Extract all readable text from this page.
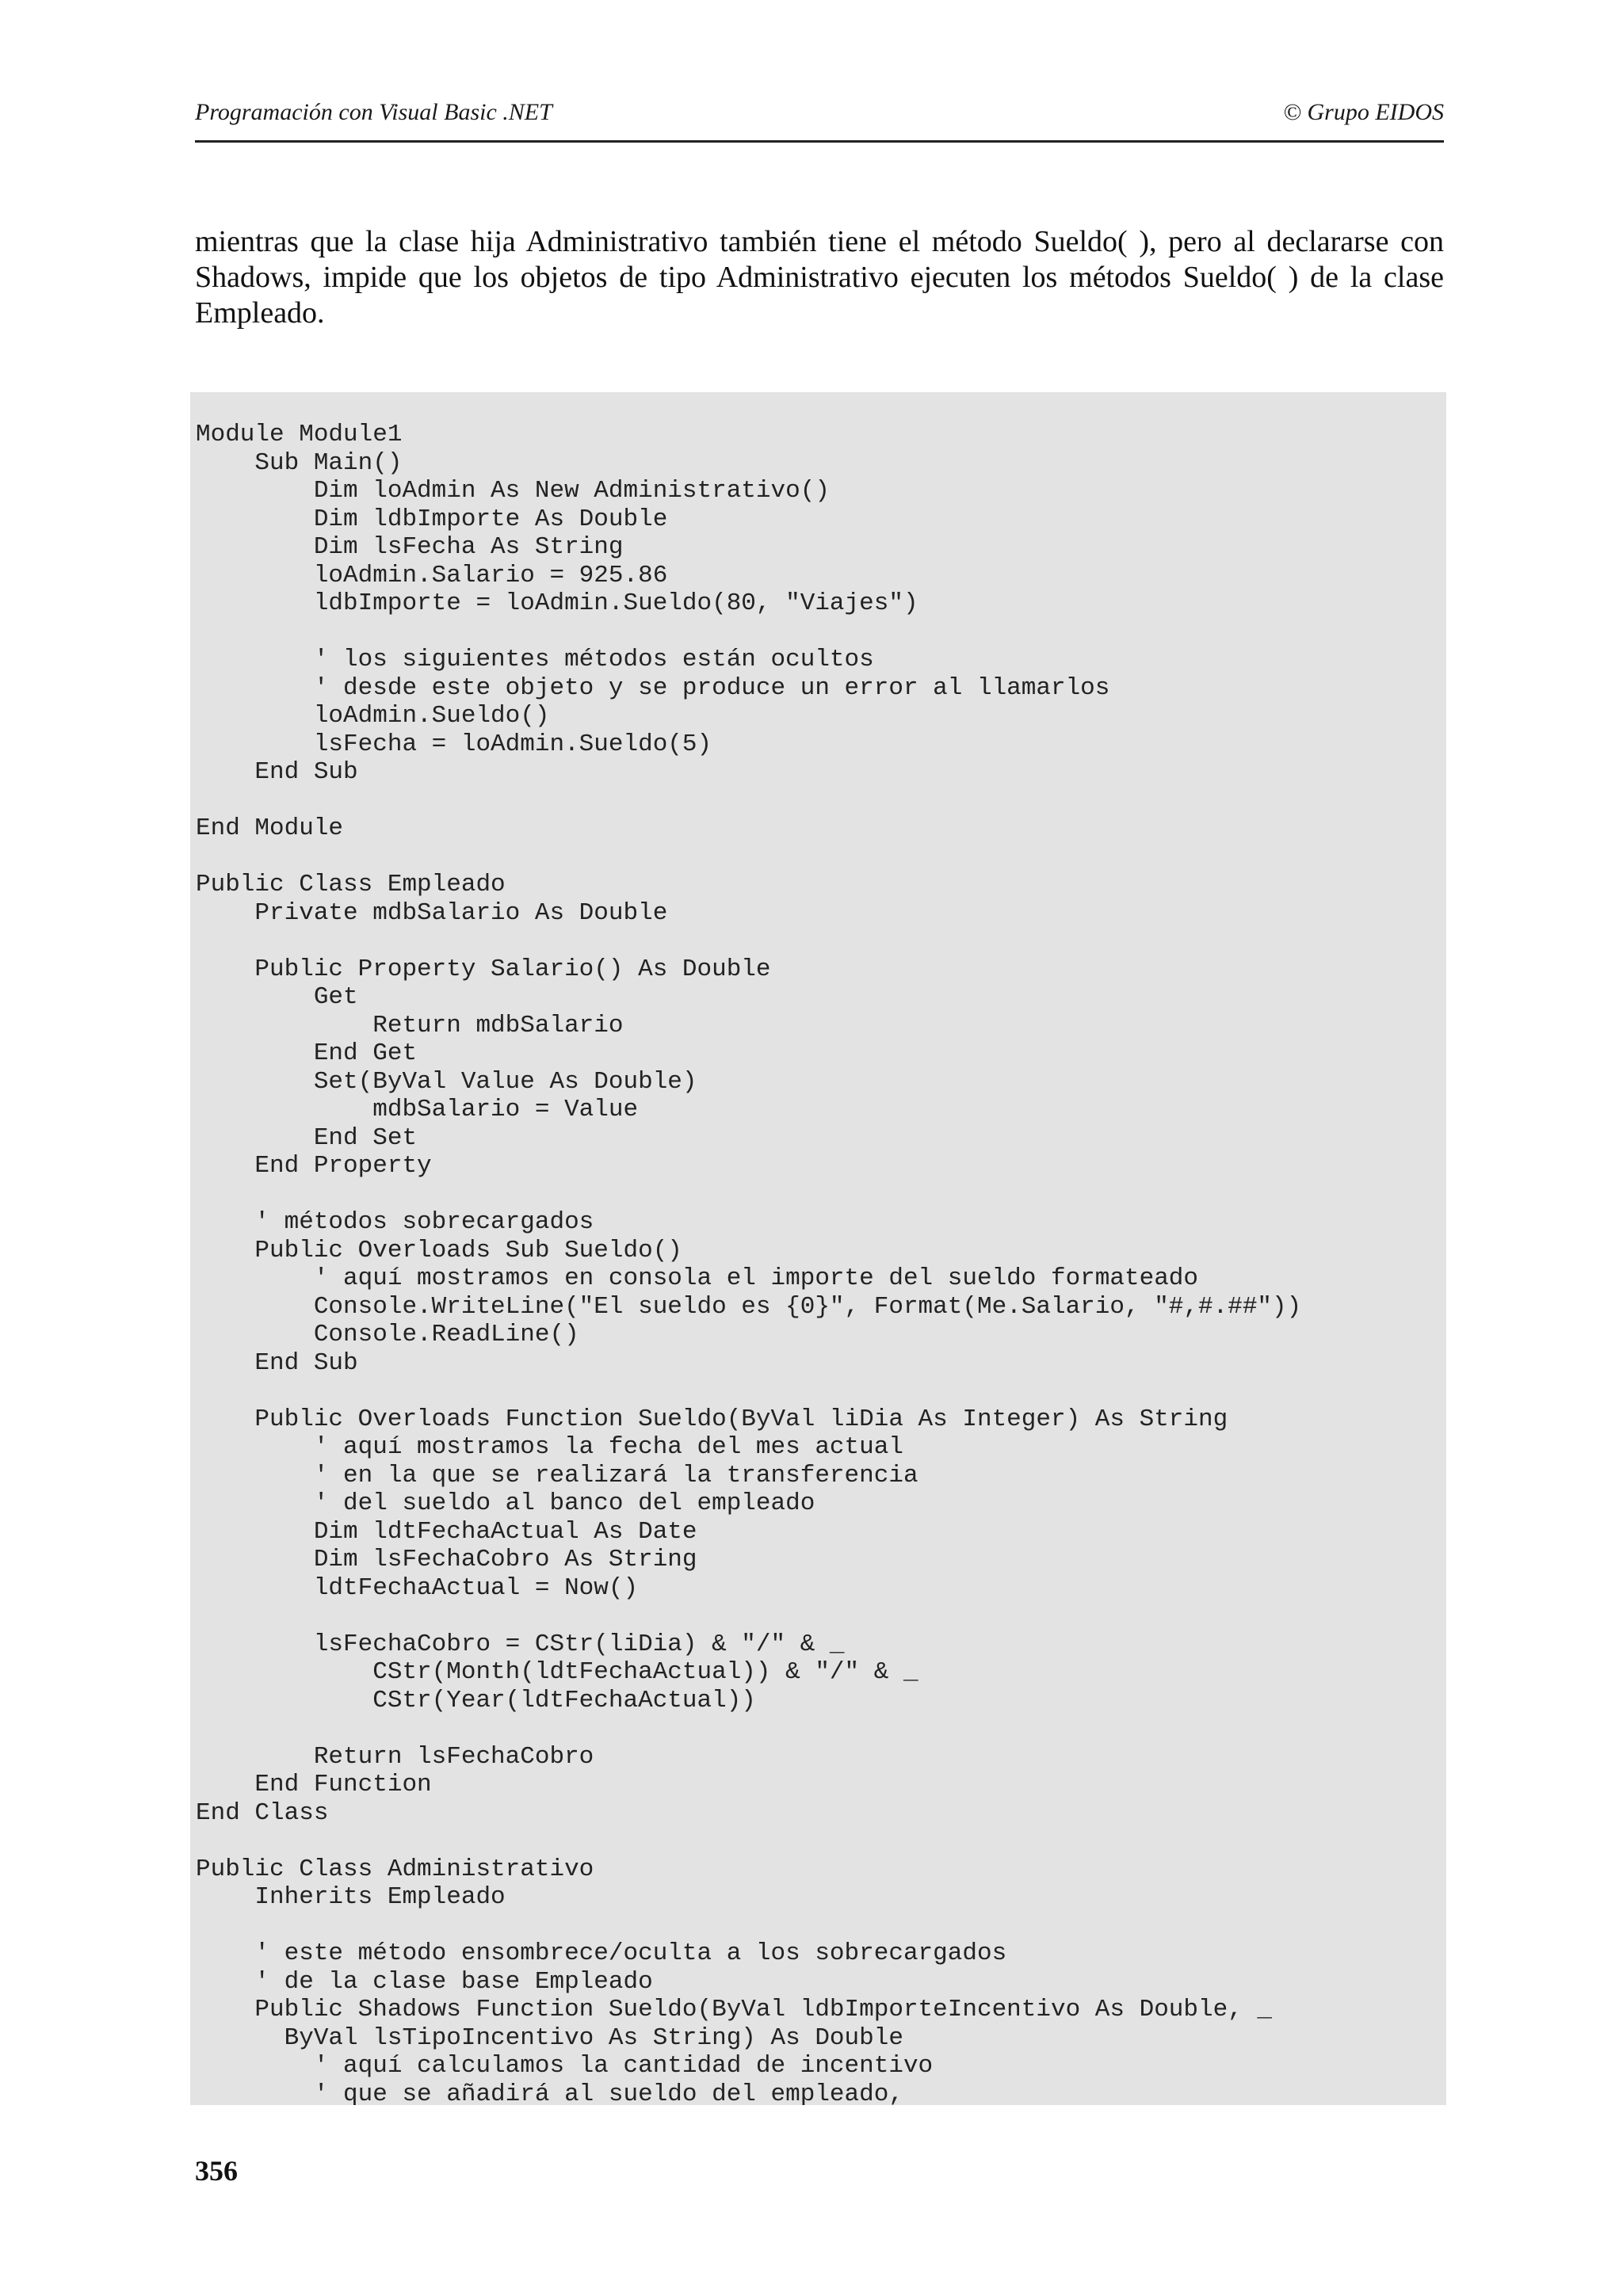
Programación con Visual Basic .NET	© Grupo EIDOS

mientras que la clase hija Administrativo también tiene el método Sueldo( ), pero al declararse con Shadows, impide que los objetos de tipo Administrativo ejecuten los métodos Sueldo( ) de la clase Empleado.

Module Module1
Sub Main()
Dim loAdmin As New Administrativo()
Dim ldbImporte As Double
Dim lsFecha As String
loAdmin.Salario = 925.86
ldbImporte = loAdmin.Sueldo(80, "Viajes")
' los siguientes métodos están ocultos
' desde este objeto y se produce un error al llamarlos
loAdmin.Sueldo()
lsFecha = loAdmin.Sueldo(5)
End Sub
End Module
Public Class Empleado
Private mdbSalario As Double
Public Property Salario() As Double
Get
Return mdbSalario
End Get
Set(ByVal Value As Double)
mdbSalario = Value
End Set
End Property
' métodos sobrecargados
Public Overloads Sub Sueldo()
' aquí mostramos en consola el importe del sueldo formateado
Console.WriteLine("El sueldo es {0}", Format(Me.Salario, "#,#.##"))
Console.ReadLine()
End Sub
Public Overloads Function Sueldo(ByVal liDia As Integer) As String
' aquí mostramos la fecha del mes actual
' en la que se realizará la transferencia
' del sueldo al banco del empleado
Dim ldtFechaActual As Date
Dim lsFechaCobro As String
ldtFechaActual = Now()
lsFechaCobro = CStr(liDia) & "/" & _
CStr(Month(ldtFechaActual)) & "/" & _
CStr(Year(ldtFechaActual))
Return lsFechaCobro
End Function
End Class
Public Class Administrativo
Inherits Empleado
' este método ensombrece/oculta a los sobrecargados
' de la clase base Empleado
Public Shadows Function Sueldo(ByVal ldbImporteIncentivo As Double, _
ByVal lsTipoIncentivo As String) As Double
' aquí calculamos la cantidad de incentivo
' que se añadirá al sueldo del empleado,
356
